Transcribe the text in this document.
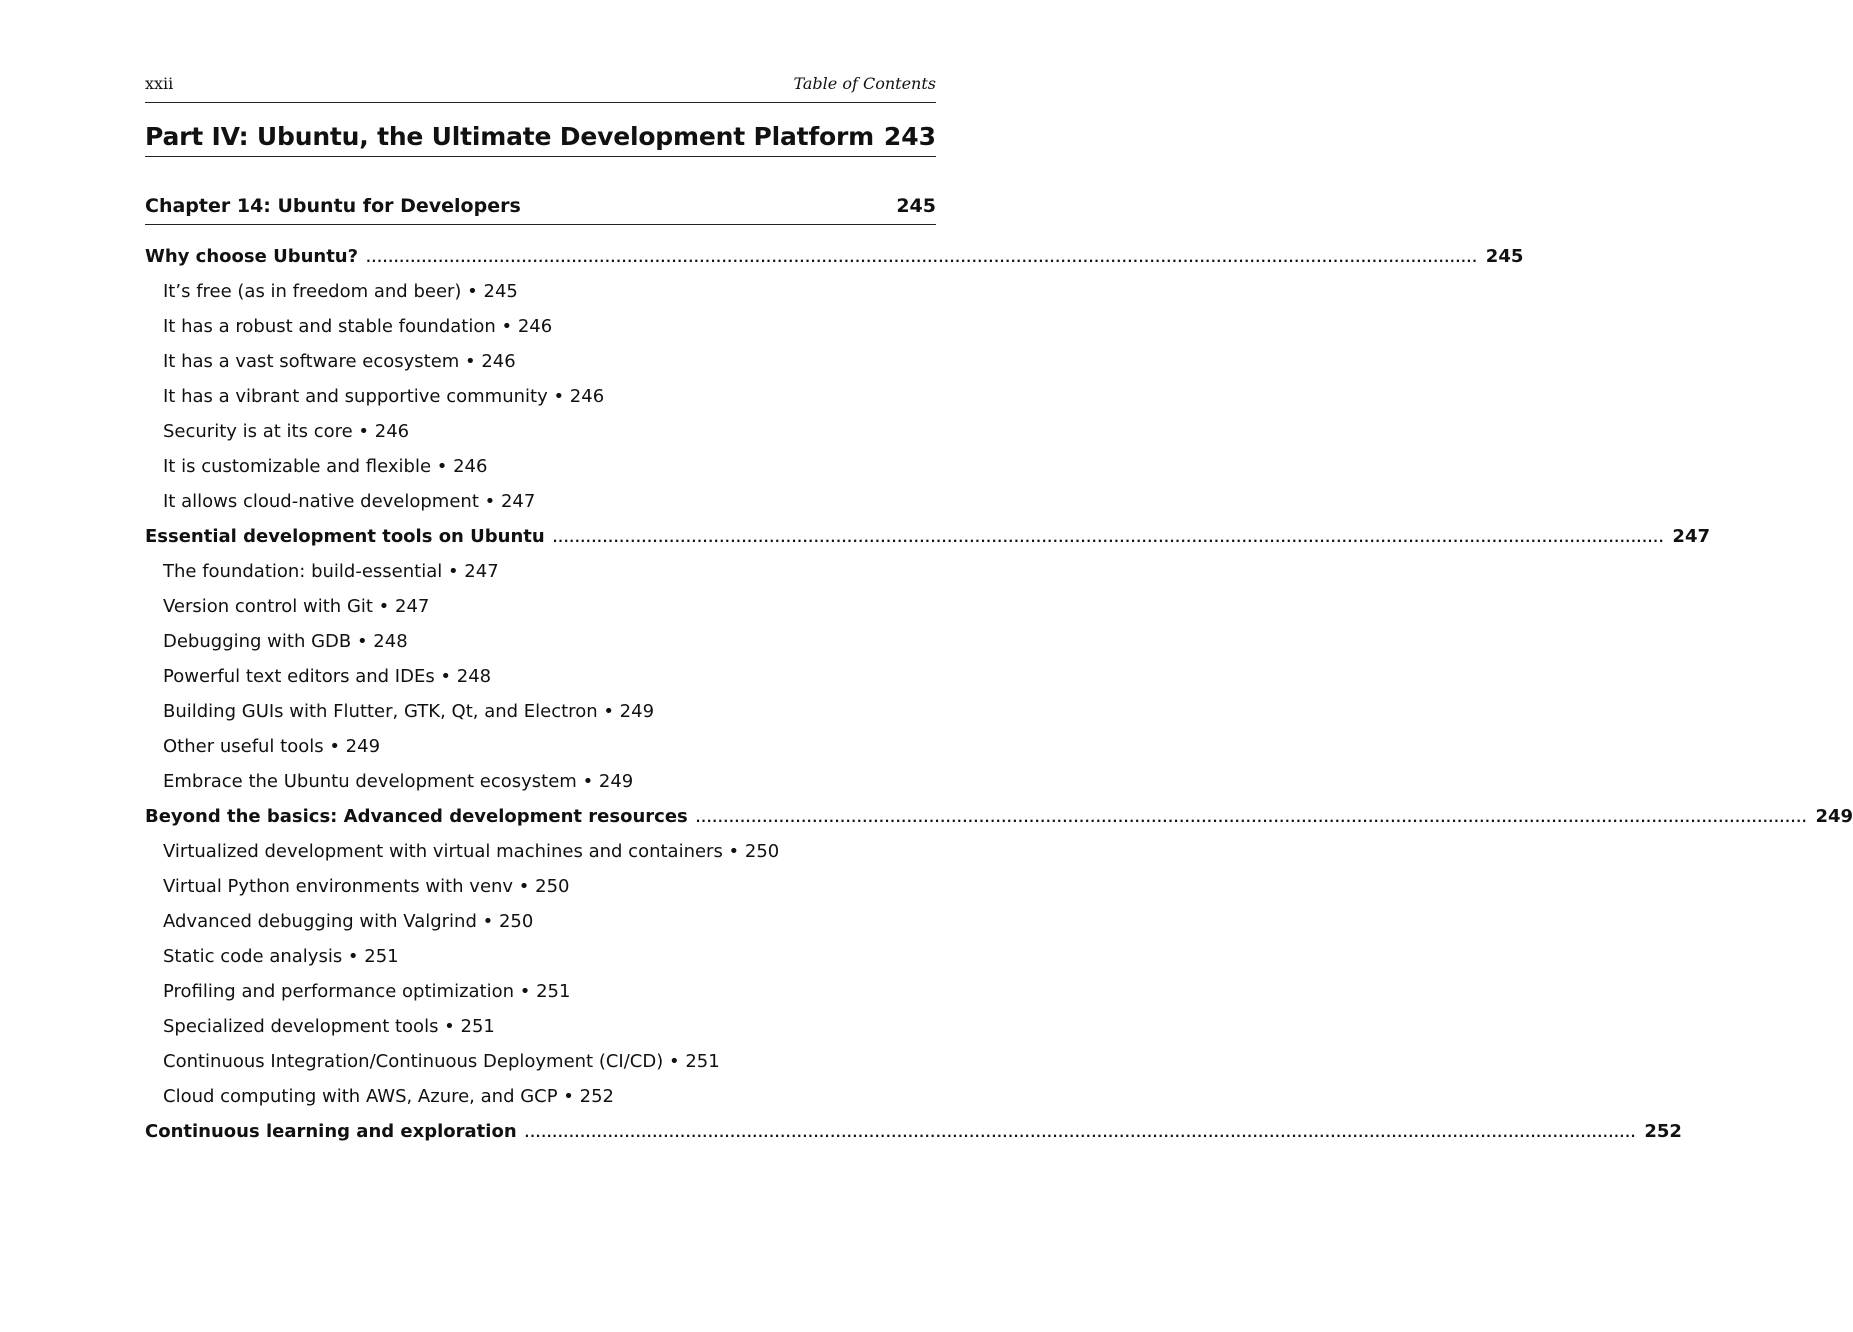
xxii	Table of Contents
Part IV: Ubuntu, the Ultimate Development Platform 243
Chapter 14: Ubuntu for Developers	245
Why choose Ubuntu? ........................................................................................................................................................................................................ 245
It’s free (as in freedom and beer) • 245
It has a robust and stable foundation • 246
It has a vast software ecosystem • 246
It has a vibrant and supportive community • 246
Security is at its core • 246
It is customizable and flexible • 246
It allows cloud-native development • 247
Essential development tools on Ubuntu ........................................................................................................................................................................................................ 247
The foundation: build-essential • 247
Version control with Git • 247
Debugging with GDB • 248
Powerful text editors and IDEs • 248
Building GUIs with Flutter, GTK, Qt, and Electron • 249
Other useful tools • 249
Embrace the Ubuntu development ecosystem • 249
Beyond the basics: Advanced development resources ........................................................................................................................................................................................................ 249
Virtualized development with virtual machines and containers • 250
Virtual Python environments with venv • 250
Advanced debugging with Valgrind • 250
Static code analysis • 251
Profiling and performance optimization • 251
Specialized development tools • 251
Continuous Integration/Continuous Deployment (CI/CD) • 251
Cloud computing with AWS, Azure, and GCP • 252
Continuous learning and exploration ........................................................................................................................................................................................................ 252
